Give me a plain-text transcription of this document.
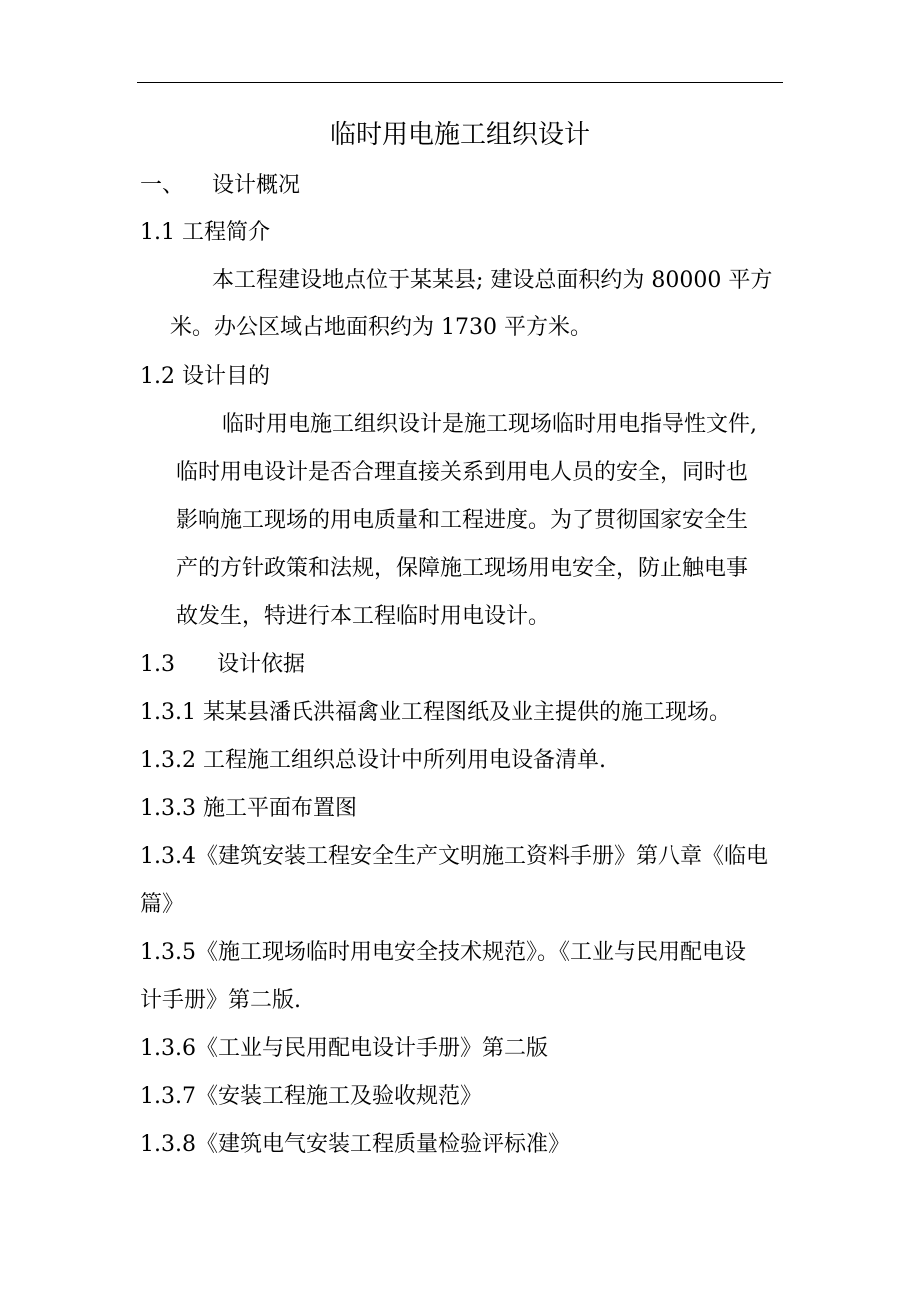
临时用电施工组织设计
一、    设计概况
1.1 工程简介
本工程建设地点位于某某县; 建设总面积约为 80000 平方
米。办公区域占地面积约为 1730 平方米。
1.2 设计目的
临时用电施工组织设计是施工现场临时用电指导性文件,
临时用电设计是否合理直接关系到用电人员的安全，同时也
影响施工现场的用电质量和工程进度。为了贯彻国家安全生
产的方针政策和法规，保障施工现场用电安全，防止触电事
故发生，特进行本工程临时用电设计。
1.3      设计依据
1.3.1 某某县潘氏洪福禽业工程图纸及业主提供的施工现场。
1.3.2 工程施工组织总设计中所列用电设备清单.
1.3.3 施工平面布置图
1.3.4《建筑安装工程安全生产文明施工资料手册》第八章《临电
篇》
1.3.5《施工现场临时用电安全技术规范》。《工业与民用配电设
计手册》第二版.
1.3.6《工业与民用配电设计手册》第二版
1.3.7《安装工程施工及验收规范》
1.3.8《建筑电气安装工程质量检验评标准》
